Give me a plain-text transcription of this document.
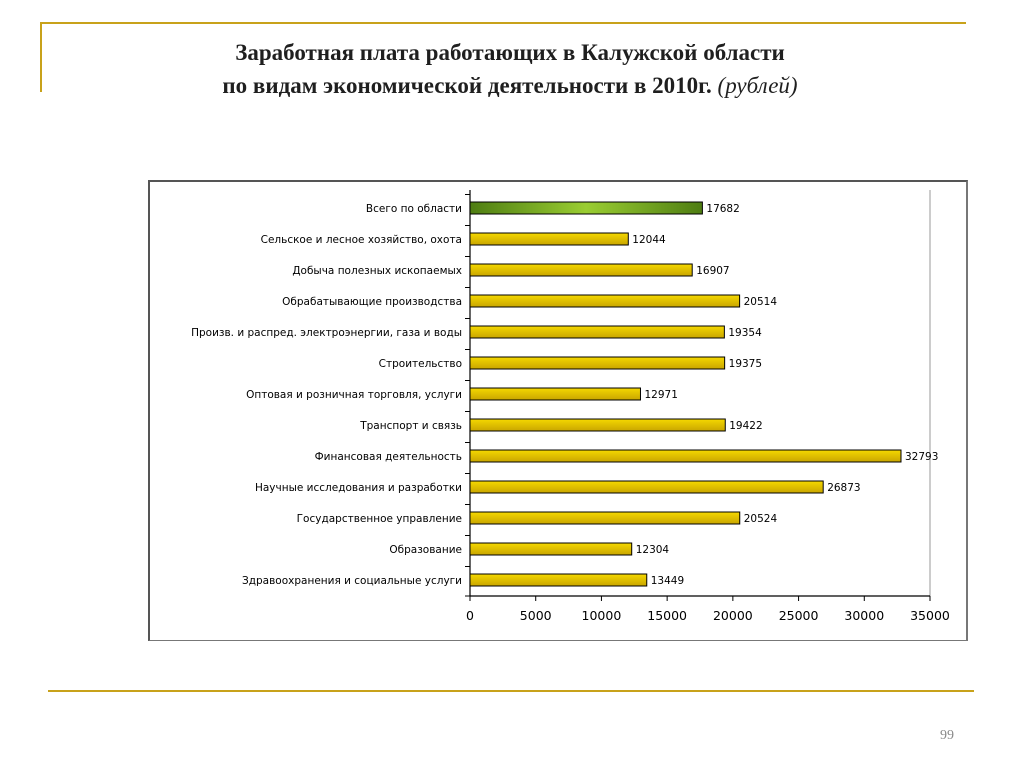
Заработная плата работающих в Калужской области
по видам экономической деятельности в 2010г. (рублей)
Всего по области	17682
Сельское и лесное хозяйство, охота	12044
Добыча полезных ископаемых	16907
Обрабатывающие производства	20514
Произв. и распред. электроэнергии, газа и воды	19354
Строительство	19375
Оптовая и розничная торговля, услуги	12971
Транспорт и связь	19422
Финансовая деятельность	32793
Научные исследования и разработки	26873
Государственное управление	20524
Образование	12304
Здравоохранения и социальные услуги	13449
0	5000 10000 15000 20000 25000 30000 35000
99
